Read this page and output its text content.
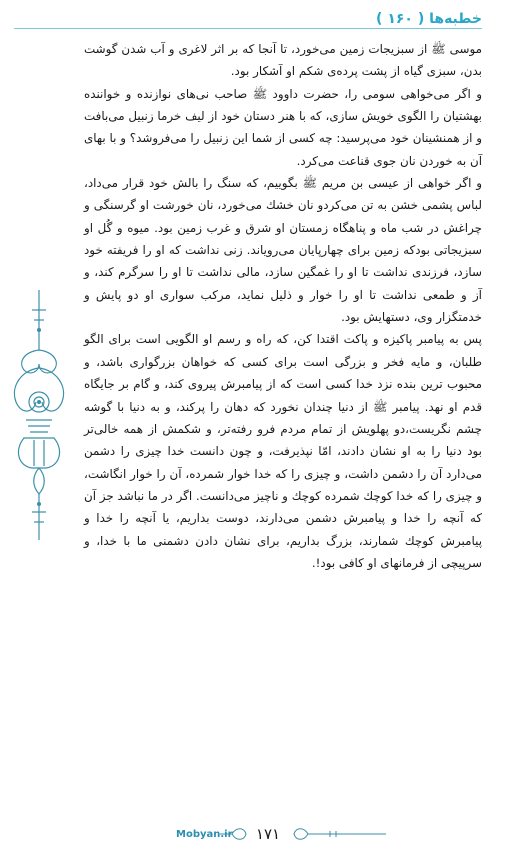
خطبه‌ها ( ۱۶۰ )

موسی ﷺ از سبزیجات زمین می‌خورد، تا آنجا که بر اثر لاغری و آب شدن گوشت بدن، سبزی گیاه از پشت پرده‌ی شکم او آشکار بود.

و اگر می‌خواهی سومی را، حضرت داوود ﷺ صاحب نی‌های نوازنده و خواننده بهشتیان را الگوی خویش سازی، که با هنر دستان خود از لیف خرما زنبیل می‌بافت و از همنشینان خود می‌پرسید: چه کسی از شما این زنبیل را می‌فروشد؟ و با بهای آن به خوردن نان جوی قناعت می‌کرد.

و اگر خواهی از عیسی بن مریم ﷺ بگوییم، که سنگ را بالش خود قرار می‌داد، لباس پشمی خشن به تن می‌کردو نان خشك می‌خورد، نان خورشت او گرسنگی و چراغش در شب ماه و پناهگاه زمستان او شرق و غرب زمین بود. میوه و گُل او سبزیجاتی بودکه زمین برای چهارپایان می‌رویاند. زنی نداشت که او را فریفته خود سازد، فرزندی نداشت تا او را غمگین سازد، مالی نداشت تا او را سرگرم کند، و آز و طمعی نداشت تا او را خوار و ذلیل نماید، مرکب سواری او دو پایش و خدمتگزار وی، دستهایش بود.

پس به پیامبر پاکیزه و پاکت اقتدا کن، که راه و رسم او الگویی است برای الگو طلبان، و مایه فخر و بزرگی است برای کسی که خواهان بزرگواری باشد، و محبوب ترین بنده نزد خدا کسی است که از پیامبرش پیروی کند، و گام بر جایگاه قدم او نهد. پیامبر ﷺ از دنیا چندان نخورد که دهان را پرکند، و به دنیا با گوشه چشم نگریست،دو پهلویش از تمام مردم فرو رفته‌تر، و شکمش از همه خالی‌تر بود دنیا را به او نشان دادند، امّا نپذیرفت، و چون دانست خدا چیزی را دشمن می‌دارد آن را دشمن داشت، و چیزی را که خدا خوار شمرده، آن را خوار انگاشت، و چیزی را که خدا کوچك شمرده کوچك و ناچیز می‌دانست. اگر در ما نباشد جز آن که آنچه را خدا و پیامبرش دشمن می‌دارند، دوست بداریم، یا آنچه را خدا و پیامبرش کوچك شمارند، بزرگ بداریم، برای نشان دادن دشمنی ما با خدا، و سرپیچی از فرمانهای او کافی بود!.

Mobyan.ir	۱۷۱
